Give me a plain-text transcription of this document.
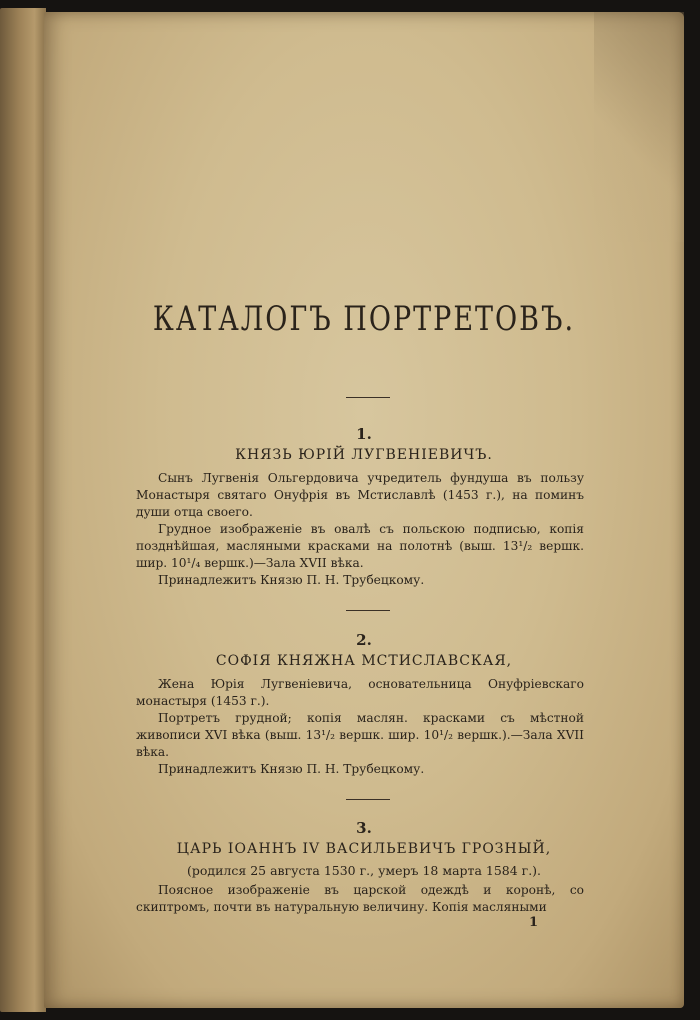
КАТАЛОГЪ ПОРТРЕТОВЪ.
1.
КНЯЗЬ ЮРІЙ ЛУГВЕНІЕВИЧЪ.

Сынъ Лугвенія Ольгердовича учредитель фундуша въ пользу Монастыря святаго Онуфрія въ Мстиславлѣ (1453 г.), на поминъ души отца своего.

Грудное изображеніе въ овалѣ съ польскою подписью, копія позднѣйшая, масляными красками на полотнѣ (выш. 13¹/₂ вершк. шир. 10¹/₄ вершк.)—Зала XVII вѣка.

Принадлежитъ Князю П. Н. Трубецкому.

2.
СОФІЯ КНЯЖНА МСТИСЛАВСКАЯ,

Жена Юрія Лугвеніевича, основательница Онуфріевскаго монастыря (1453 г.).

Портретъ грудной; копія маслян. красками съ мѣстной живописи XVI вѣка (выш. 13¹/₂ вершк. шир. 10¹/₂ вершк.).—Зала XVII вѣка.

Принадлежитъ Князю П. Н. Трубецкому.

3.
ЦАРЬ ІОАННЪ IV ВАСИЛЬЕВИЧЪ ГРОЗНЫЙ,
(родился 25 августа 1530 г., умеръ 18 марта 1584 г.).

Поясное изображеніе въ царской одеждѣ и коронѣ, со скиптромъ, почти въ натуральную величину. Копія масляными

1
